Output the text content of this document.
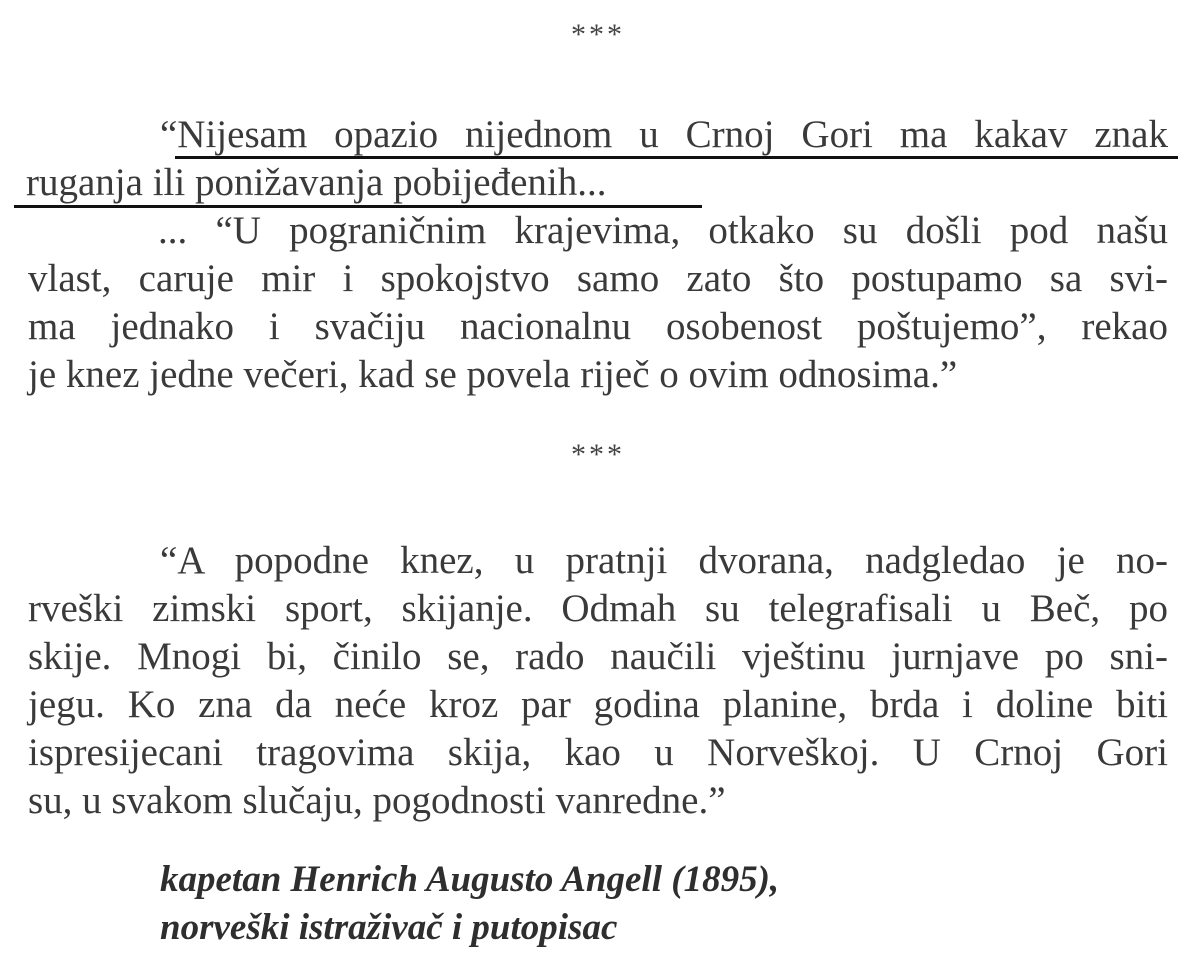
***
“Nijesam opazio nijednom u Crnoj Gori ma kakav znak
ruganja ili ponižavanja pobijeđenih...
... “U pograničnim krajevima, otkako su došli pod našu
vlast, caruje mir i spokojstvo samo zato što postupamo sa svi-
ma jednako i svačiju nacionalnu osobenost poštujemo”, rekao
je knez jedne večeri, kad se povela riječ o ovim odnosima.”
***
“A popodne knez, u pratnji dvorana, nadgledao je no-
rveški zimski sport, skijanje. Odmah su telegrafisali u Beč, po
skije. Mnogi bi, činilo se, rado naučili vještinu jurnjave po sni-
jegu. Ko zna da neće kroz par godina planine, brda i doline biti
ispresijecani tragovima skija, kao u Norveškoj. U Crnoj Gori
su, u svakom slučaju, pogodnosti vanredne.”
kapetan Henrich Augusto Angell (1895),
norveški istraživač i putopisac
